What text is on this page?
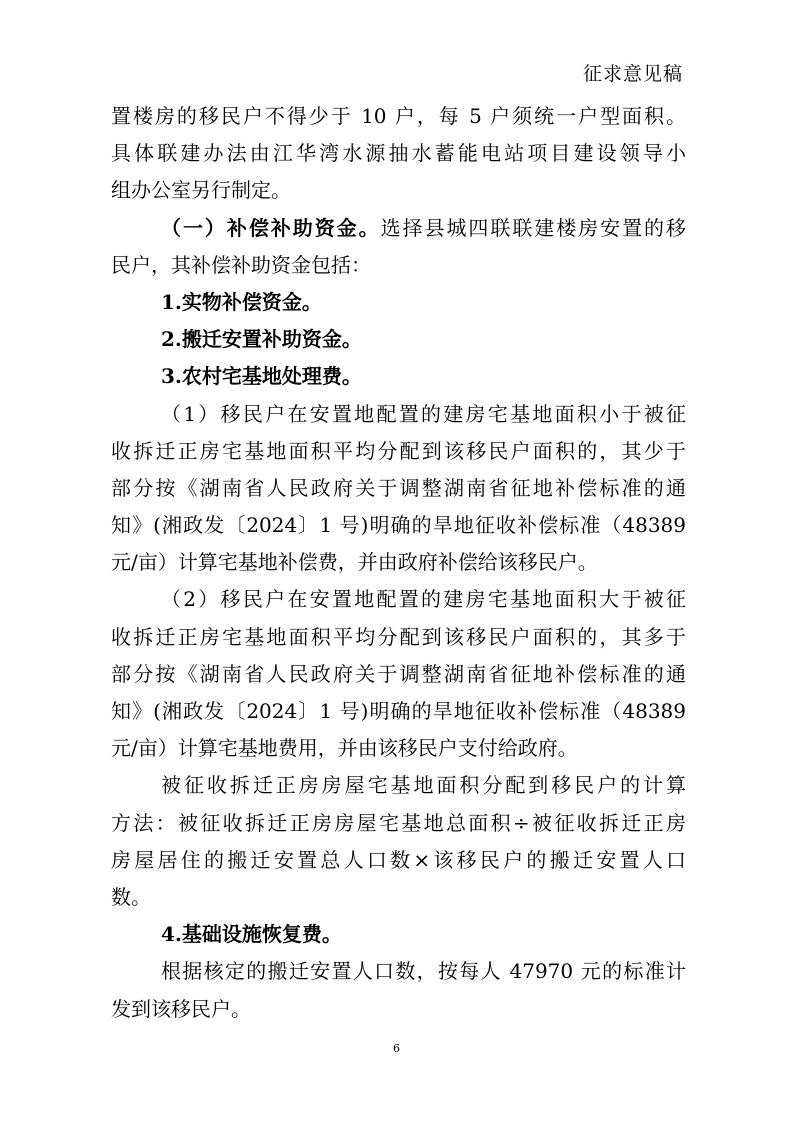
征求意见稿
置楼房的移民户不得少于 10 户，每 5 户须统一户型面积。
具体联建办法由江华湾水源抽水蓄能电站项目建设领导小
组办公室另行制定。
（一）补偿补助资金。选择县城四联联建楼房安置的移
民户，其补偿补助资金包括：
1.实物补偿资金。
2.搬迁安置补助资金。
3.农村宅基地处理费。
（1）移民户在安置地配置的建房宅基地面积小于被征
收拆迁正房宅基地面积平均分配到该移民户面积的，其少于
部分按《湖南省人民政府关于调整湖南省征地补偿标准的通
知》(湘政发〔2024〕1 号)明确的旱地征收补偿标准（48389
元/亩）计算宅基地补偿费，并由政府补偿给该移民户。
（2）移民户在安置地配置的建房宅基地面积大于被征
收拆迁正房宅基地面积平均分配到该移民户面积的，其多于
部分按《湖南省人民政府关于调整湖南省征地补偿标准的通
知》(湘政发〔2024〕1 号)明确的旱地征收补偿标准（48389
元/亩）计算宅基地费用，并由该移民户支付给政府。
被征收拆迁正房房屋宅基地面积分配到移民户的计算
方法：被征收拆迁正房房屋宅基地总面积÷被征收拆迁正房
房屋居住的搬迁安置总人口数×该移民户的搬迁安置人口
数。
4.基础设施恢复费。
根据核定的搬迁安置人口数，按每人 47970 元的标准计
发到该移民户。
6
